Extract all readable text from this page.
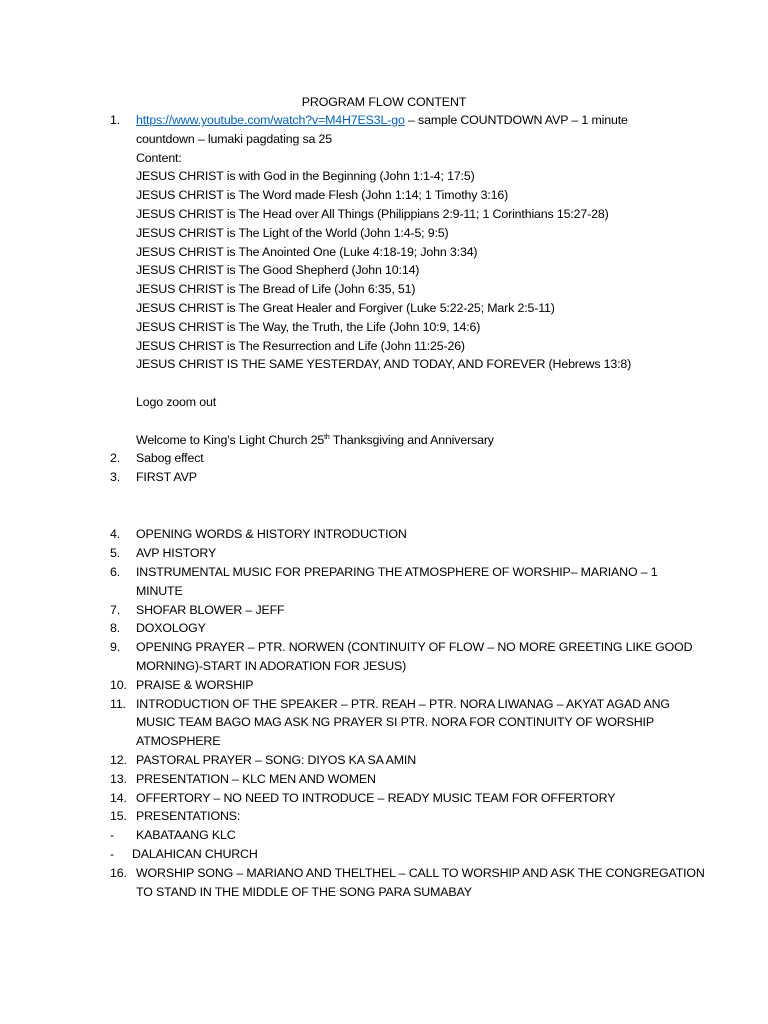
PROGRAM FLOW CONTENT
1. https://www.youtube.com/watch?v=M4H7ES3L-go – sample COUNTDOWN AVP – 1 minute
countdown – lumaki pagdating sa 25
Content:
JESUS CHRIST is with God in the Beginning (John 1:1-4; 17:5)
JESUS CHRIST is The Word made Flesh (John 1:14; 1 Timothy 3:16)
JESUS CHRIST is The Head over All Things (Philippians 2:9-11; 1 Corinthians 15:27-28)
JESUS CHRIST is The Light of the World (John 1:4-5; 9:5)
JESUS CHRIST is The Anointed One (Luke 4:18-19; John 3:34)
JESUS CHRIST is The Good Shepherd (John 10:14)
JESUS CHRIST is The Bread of Life (John 6:35, 51)
JESUS CHRIST is The Great Healer and Forgiver (Luke 5:22-25; Mark 2:5-11)
JESUS CHRIST is The Way, the Truth, the Life (John 10:9, 14:6)
JESUS CHRIST is The Resurrection and Life (John 11:25-26)
JESUS CHRIST IS THE SAME YESTERDAY, AND TODAY, AND FOREVER (Hebrews 13:8)
Logo zoom out
Welcome to King’s Light Church 25th Thanksgiving and Anniversary
2. Sabog effect
3. FIRST AVP
4. OPENING WORDS & HISTORY INTRODUCTION
5. AVP HISTORY
6. INSTRUMENTAL MUSIC FOR PREPARING THE ATMOSPHERE OF WORSHIP– MARIANO – 1
MINUTE
7. SHOFAR BLOWER – JEFF
8. DOXOLOGY
9. OPENING PRAYER – PTR. NORWEN (CONTINUITY OF FLOW – NO MORE GREETING LIKE GOOD
MORNING)-START IN ADORATION FOR JESUS)
10. PRAISE & WORSHIP
11. INTRODUCTION OF THE SPEAKER – PTR. REAH – PTR. NORA LIWANAG – AKYAT AGAD ANG
MUSIC TEAM BAGO MAG ASK NG PRAYER SI PTR. NORA FOR CONTINUITY OF WORSHIP
ATMOSPHERE
12. PASTORAL PRAYER – SONG: DIYOS KA SA AMIN
13. PRESENTATION – KLC MEN AND WOMEN
14. OFFERTORY – NO NEED TO INTRODUCE – READY MUSIC TEAM FOR OFFERTORY
15. PRESENTATIONS:
- KABATAANG KLC
- DALAHICAN CHURCH
16. WORSHIP SONG – MARIANO AND THELTHEL – CALL TO WORSHIP AND ASK THE CONGREGATION
TO STAND IN THE MIDDLE OF THE SONG PARA SUMABAY
